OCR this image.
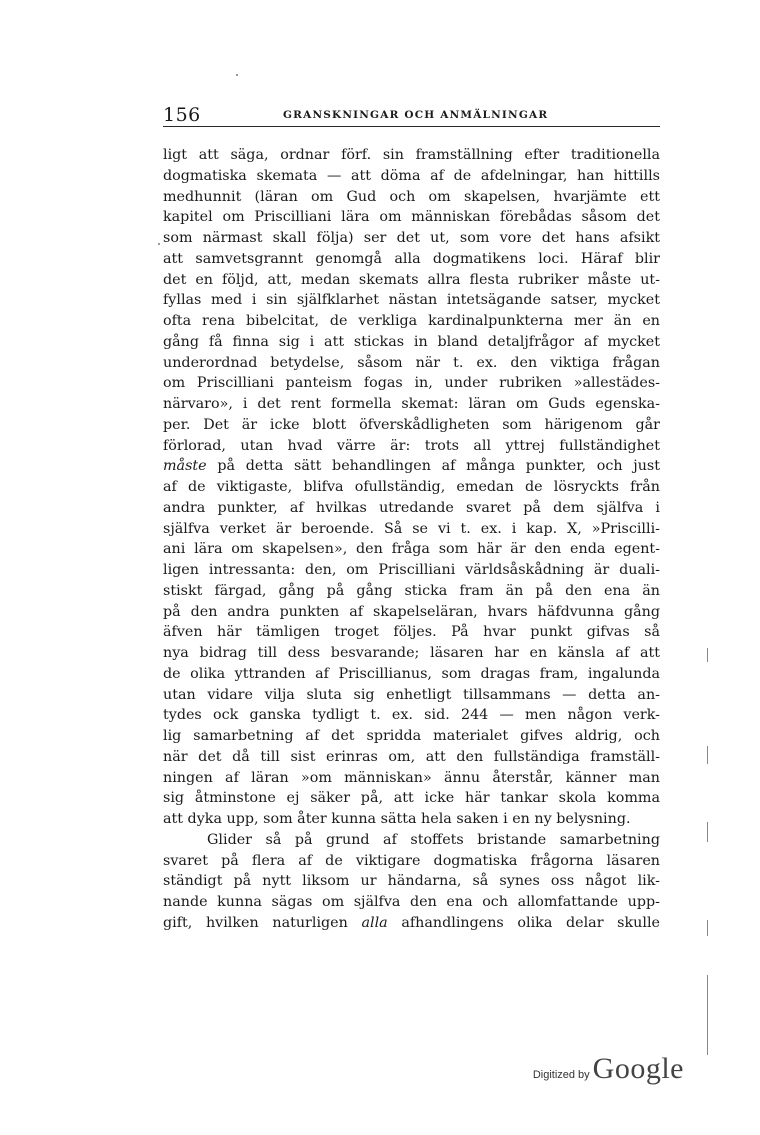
156	GRANSKNINGAR OCH ANMÄLNINGAR
ligt att säga, ordnar förf. sin framställning efter traditionella
dogmatiska skemata — att döma af de afdelningar, han hittills
medhunnit (läran om Gud och om skapelsen, hvarjämte ett
kapitel om Priscilliani lära om människan förebådas såsom det
som närmast skall följa) ser det ut, som vore det hans afsikt
att samvetsgrannt genomgå alla dogmatikens loci. Häraf blir
det en följd, att, medan skemats allra flesta rubriker måste ut-
fyllas med i sin själfklarhet nästan intetsägande satser, mycket
ofta rena bibelcitat, de verkliga kardinalpunkterna mer än en
gång få finna sig i att stickas in bland detaljfrågor af mycket
underordnad betydelse, såsom när t. ex. den viktiga frågan
om Priscilliani panteism fogas in, under rubriken »allestädes-
närvaro», i det rent formella skemat: läran om Guds egenska-
per. Det är icke blott öfverskådligheten som härigenom går
förlorad, utan hvad värre är: trots all yttrej fullständighet
måste på detta sätt behandlingen af många punkter, och just
af de viktigaste, blifva ofullständig, emedan de lösryckts från
andra punkter, af hvilkas utredande svaret på dem själfva i
själfva verket är beroende. Så se vi t. ex. i kap. X, »Priscilli-
ani lära om skapelsen», den fråga som här är den enda egent-
ligen intressanta: den, om Priscilliani världsåskådning är duali-
stiskt färgad, gång på gång sticka fram än på den ena än
på den andra punkten af skapelseläran, hvars häfdvunna gång
äfven här tämligen troget följes. På hvar punkt gifvas så
nya bidrag till dess besvarande; läsaren har en känsla af att
de olika yttranden af Priscillianus, som dragas fram, ingalunda
utan vidare vilja sluta sig enhetligt tillsammans — detta an-
tydes ock ganska tydligt t. ex. sid. 244 — men någon verk-
lig samarbetning af det spridda materialet gifves aldrig, och
när det då till sist erinras om, att den fullständiga framställ-
ningen af läran »om människan» ännu återstår, känner man
sig åtminstone ej säker på, att icke här tankar skola komma
att dyka upp, som åter kunna sätta hela saken i en ny belysning.
Glider så på grund af stoffets bristande samarbetning
svaret på flera af de viktigare dogmatiska frågorna läsaren
ständigt på nytt liksom ur händarna, så synes oss något lik-
nande kunna sägas om själfva den ena och allomfattande upp-
gift, hvilken naturligen alla afhandlingens olika delar skulle
Digitized by Google
